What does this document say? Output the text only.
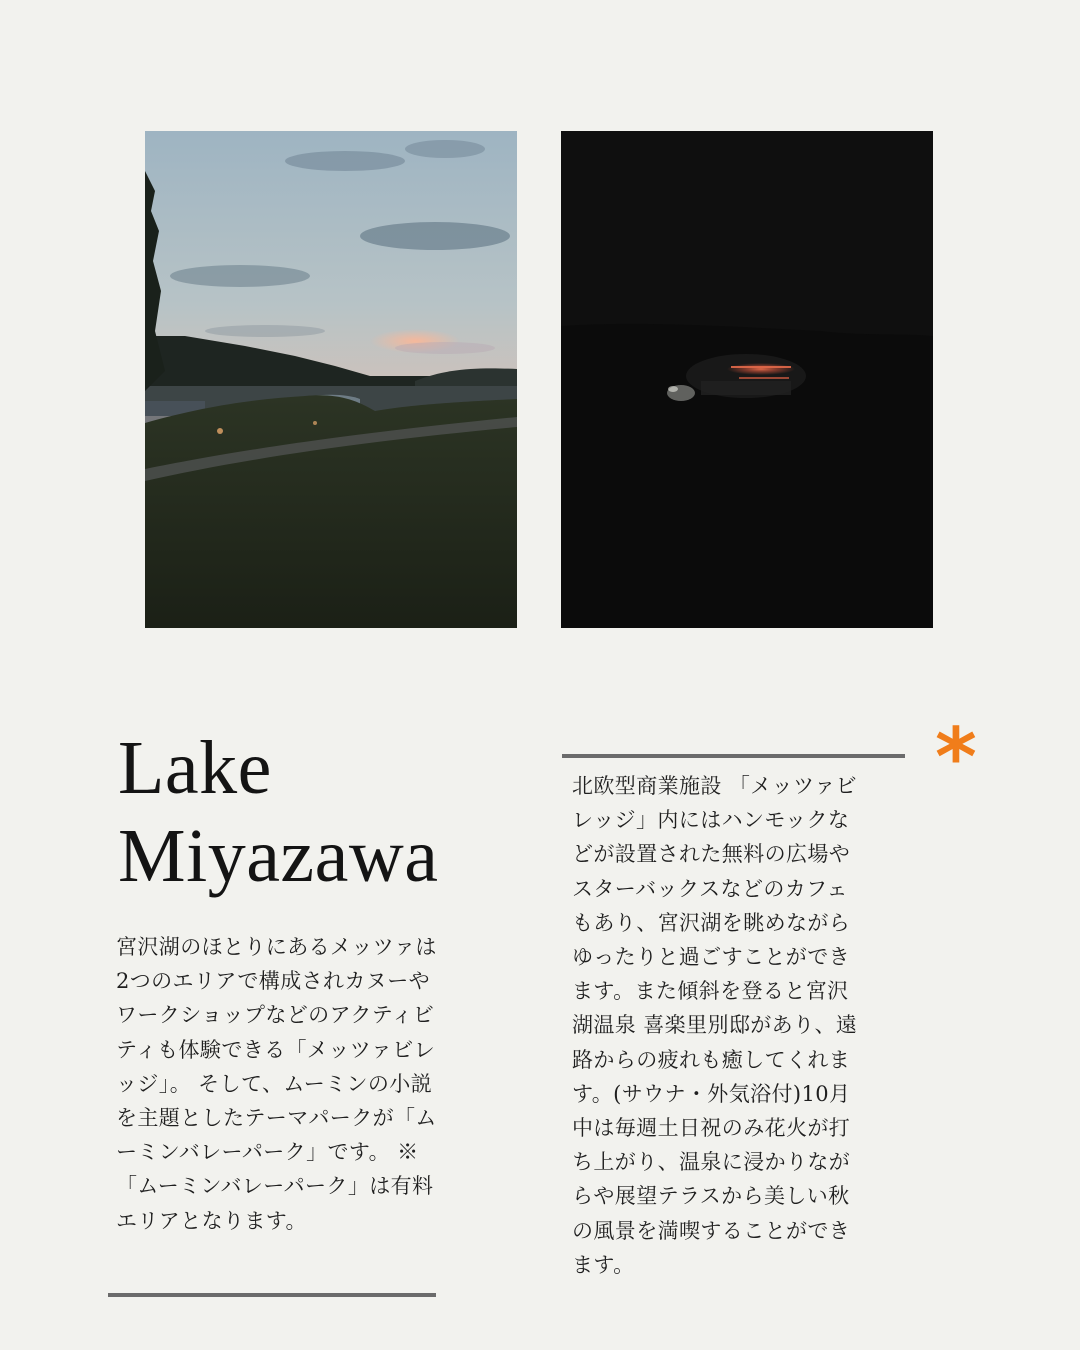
Lake
Miyazawa

宮沢湖のほとりにあるメッツァは
2つのエリアで構成されカヌーや
ワークショップなどのアクティビ
ティも体験できる「メッツァビレ
ッジ」。 そして、ムーミンの小説
を主題としたテーマパークが「ム
ーミンバレーパーク」です。 ※
「ムーミンバレーパーク」は有料
エリアとなります。

*

北欧型商業施設 「メッツァビ
レッジ」内にはハンモックな
どが設置された無料の広場や
スターバックスなどのカフェ
もあり、宮沢湖を眺めながら
ゆったりと過ごすことができ
ます。また傾斜を登ると宮沢
湖温泉 喜楽里別邸があり、遠
路からの疲れも癒してくれま
す。(サウナ・外気浴付)10月
中は毎週土日祝のみ花火が打
ち上がり、温泉に浸かりなが
らや展望テラスから美しい秋
の風景を満喫することができ
ます。
